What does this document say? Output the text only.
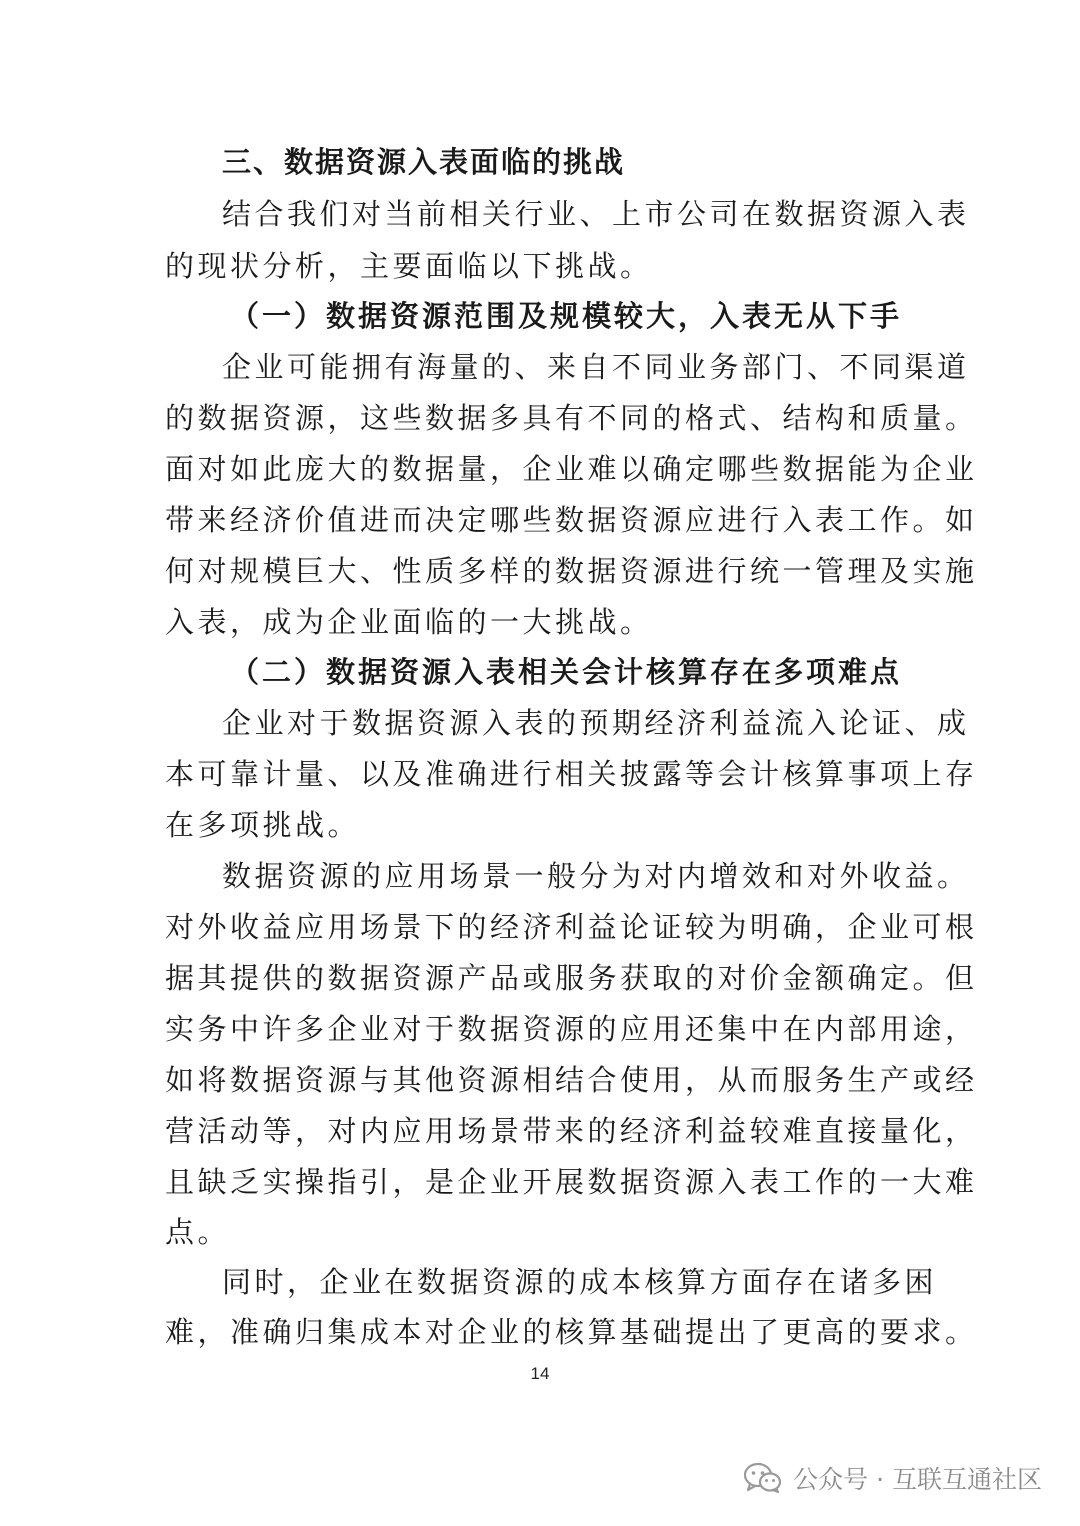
三、数据资源入表面临的挑战
结合我们对当前相关行业、上市公司在数据资源入表
的现状分析，主要面临以下挑战。
（一）数据资源范围及规模较大，入表无从下手
企业可能拥有海量的、来自不同业务部门、不同渠道
的数据资源，这些数据多具有不同的格式、结构和质量。
面对如此庞大的数据量，企业难以确定哪些数据能为企业
带来经济价值进而决定哪些数据资源应进行入表工作。如
何对规模巨大、性质多样的数据资源进行统一管理及实施
入表，成为企业面临的一大挑战。
（二）数据资源入表相关会计核算存在多项难点
企业对于数据资源入表的预期经济利益流入论证、成
本可靠计量、以及准确进行相关披露等会计核算事项上存
在多项挑战。
数据资源的应用场景一般分为对内增效和对外收益。
对外收益应用场景下的经济利益论证较为明确，企业可根
据其提供的数据资源产品或服务获取的对价金额确定。但
实务中许多企业对于数据资源的应用还集中在内部用途，
如将数据资源与其他资源相结合使用，从而服务生产或经
营活动等，对内应用场景带来的经济利益较难直接量化，
且缺乏实操指引，是企业开展数据资源入表工作的一大难
点。
同时，企业在数据资源的成本核算方面存在诸多困
难，准确归集成本对企业的核算基础提出了更高的要求。
14
公众号 · 互联互通社区
